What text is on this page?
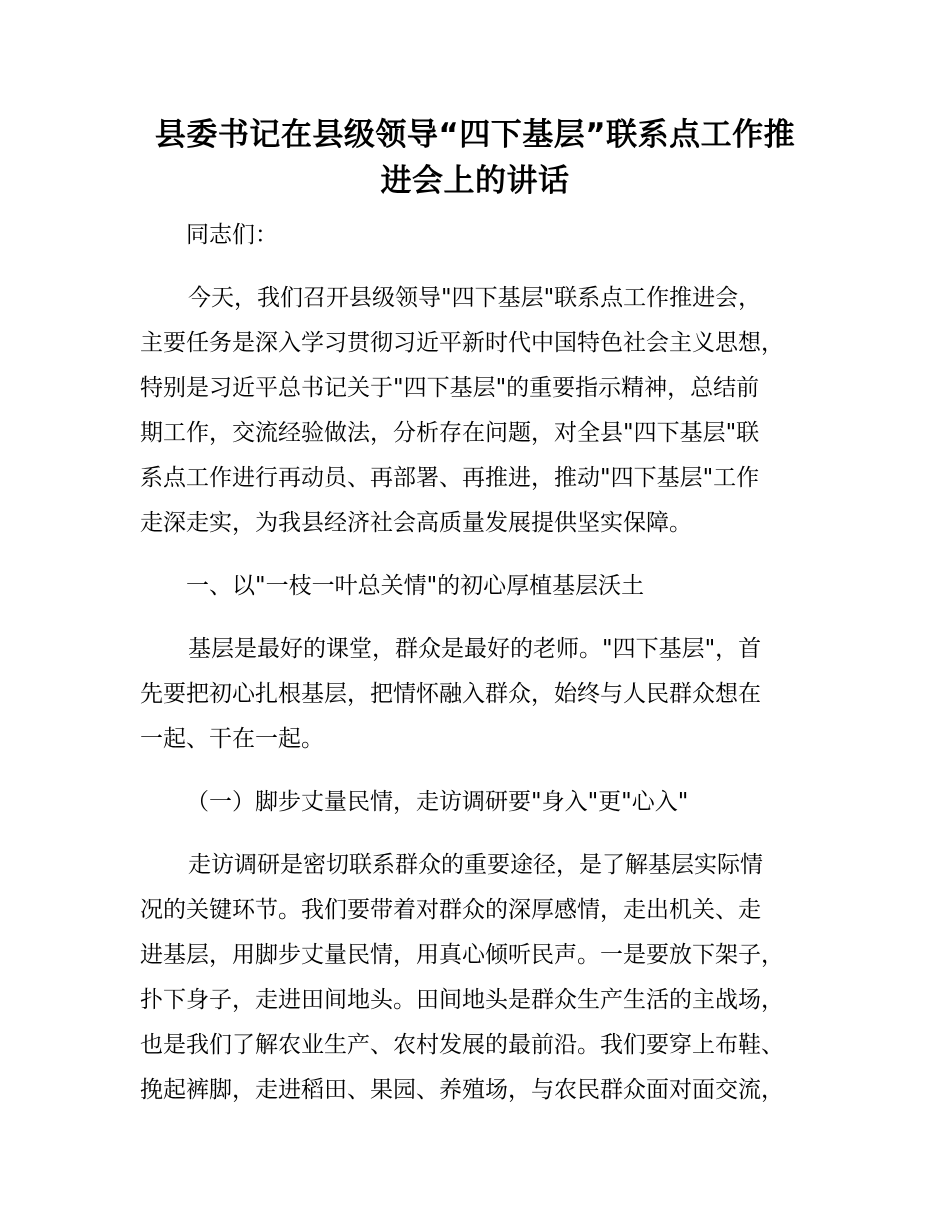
县委书记在县级领导“四下基层”联系点工作推
进会上的讲话

同志们：

今天，我们召开县级领导"四下基层"联系点工作推进会，
主要任务是深入学习贯彻习近平新时代中国特色社会主义思想，
特别是习近平总书记关于"四下基层"的重要指示精神，总结前
期工作，交流经验做法，分析存在问题，对全县"四下基层"联
系点工作进行再动员、再部署、再推进，推动"四下基层"工作
走深走实，为我县经济社会高质量发展提供坚实保障。

一、以"一枝一叶总关情"的初心厚植基层沃土

基层是最好的课堂，群众是最好的老师。"四下基层"，首
先要把初心扎根基层，把情怀融入群众，始终与人民群众想在
一起、干在一起。

（一）脚步丈量民情，走访调研要"身入"更"心入"

走访调研是密切联系群众的重要途径，是了解基层实际情
况的关键环节。我们要带着对群众的深厚感情，走出机关、走
进基层，用脚步丈量民情，用真心倾听民声。一是要放下架子，
扑下身子，走进田间地头。田间地头是群众生产生活的主战场，
也是我们了解农业生产、农村发展的最前沿。我们要穿上布鞋、
挽起裤脚，走进稻田、果园、养殖场，与农民群众面对面交流，
